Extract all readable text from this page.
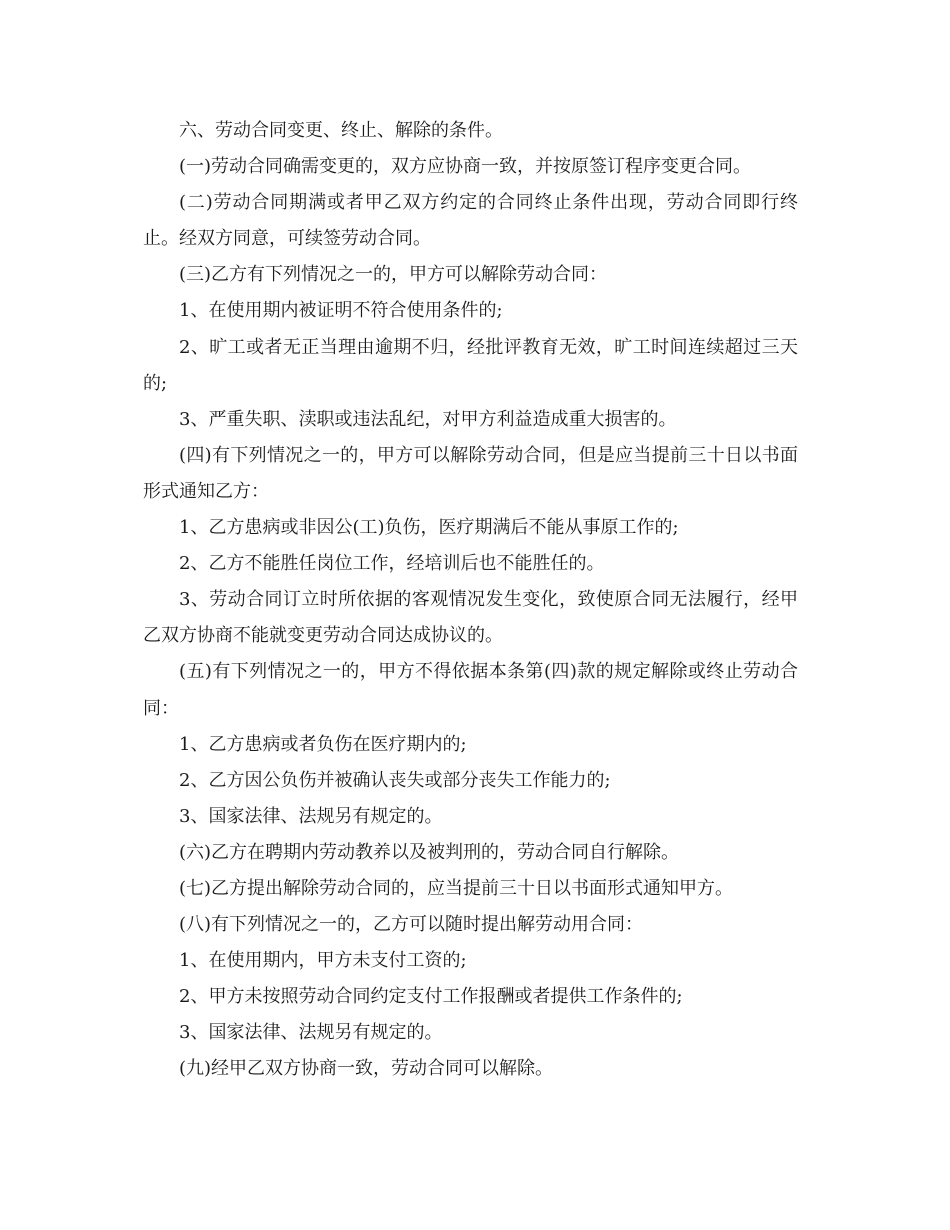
六、劳动合同变更、终止、解除的条件。

(一)劳动合同确需变更的，双方应协商一致，并按原签订程序变更合同。

(二)劳动合同期满或者甲乙双方约定的合同终止条件出现，劳动合同即行终止。经双方同意，可续签劳动合同。

(三)乙方有下列情况之一的，甲方可以解除劳动合同：

1、在使用期内被证明不符合使用条件的;

2、旷工或者无正当理由逾期不归，经批评教育无效，旷工时间连续超过三天的;

3、严重失职、渎职或违法乱纪，对甲方利益造成重大损害的。

(四)有下列情况之一的，甲方可以解除劳动合同，但是应当提前三十日以书面形式通知乙方：

1、乙方患病或非因公(工)负伤，医疗期满后不能从事原工作的;

2、乙方不能胜任岗位工作，经培训后也不能胜任的。

3、劳动合同订立时所依据的客观情况发生变化，致使原合同无法履行，经甲乙双方协商不能就变更劳动合同达成协议的。

(五)有下列情况之一的，甲方不得依据本条第(四)款的规定解除或终止劳动合同：

1、乙方患病或者负伤在医疗期内的;

2、乙方因公负伤并被确认丧失或部分丧失工作能力的;

3、国家法律、法规另有规定的。

(六)乙方在聘期内劳动教养以及被判刑的，劳动合同自行解除。

(七)乙方提出解除劳动合同的，应当提前三十日以书面形式通知甲方。

(八)有下列情况之一的，乙方可以随时提出解劳动用合同：

1、在使用期内，甲方未支付工资的;

2、甲方未按照劳动合同约定支付工作报酬或者提供工作条件的;

3、国家法律、法规另有规定的。

(九)经甲乙双方协商一致，劳动合同可以解除。
